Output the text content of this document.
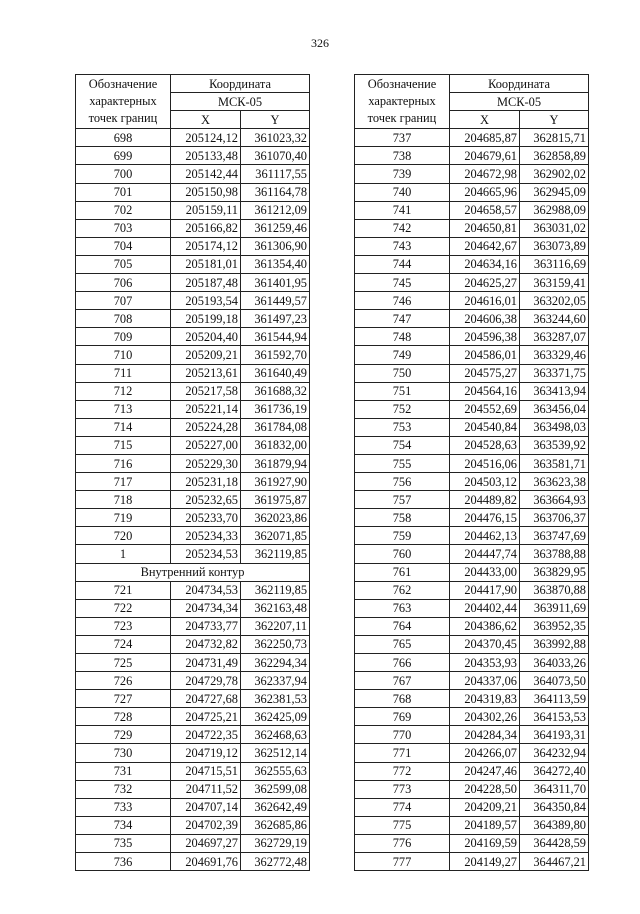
326
Обозначение
характерных
точек границ	Координата	
	МСК-05	
	X	Y
698	205124,12	361023,32
699	205133,48	361070,40
700	205142,44	361117,55
701	205150,98	361164,78
702	205159,11	361212,09
703	205166,82	361259,46
704	205174,12	361306,90
705	205181,01	361354,40
706	205187,48	361401,95
707	205193,54	361449,57
708	205199,18	361497,23
709	205204,40	361544,94
710	205209,21	361592,70
711	205213,61	361640,49
712	205217,58	361688,32
713	205221,14	361736,19
714	205224,28	361784,08
715	205227,00	361832,00
716	205229,30	361879,94
717	205231,18	361927,90
718	205232,65	361975,87
719	205233,70	362023,86
720	205234,33	362071,85
1	205234,53	362119,85
Внутренний контур		
721	204734,53	362119,85
722	204734,34	362163,48
723	204733,77	362207,11
724	204732,82	362250,73
725	204731,49	362294,34
726	204729,78	362337,94
727	204727,68	362381,53
728	204725,21	362425,09
729	204722,35	362468,63
730	204719,12	362512,14
731	204715,51	362555,63
732	204711,52	362599,08
733	204707,14	362642,49
734	204702,39	362685,86
735	204697,27	362729,19
736	204691,76	362772,48
Обозначение
характерных
точек границ	Координата	
	МСК-05	
	X	Y
737	204685,87	362815,71
738	204679,61	362858,89
739	204672,98	362902,02
740	204665,96	362945,09
741	204658,57	362988,09
742	204650,81	363031,02
743	204642,67	363073,89
744	204634,16	363116,69
745	204625,27	363159,41
746	204616,01	363202,05
747	204606,38	363244,60
748	204596,38	363287,07
749	204586,01	363329,46
750	204575,27	363371,75
751	204564,16	363413,94
752	204552,69	363456,04
753	204540,84	363498,03
754	204528,63	363539,92
755	204516,06	363581,71
756	204503,12	363623,38
757	204489,82	363664,93
758	204476,15	363706,37
759	204462,13	363747,69
760	204447,74	363788,88
761	204433,00	363829,95
762	204417,90	363870,88
763	204402,44	363911,69
764	204386,62	363952,35
765	204370,45	363992,88
766	204353,93	364033,26
767	204337,06	364073,50
768	204319,83	364113,59
769	204302,26	364153,53
770	204284,34	364193,31
771	204266,07	364232,94
772	204247,46	364272,40
773	204228,50	364311,70
774	204209,21	364350,84
775	204189,57	364389,80
776	204169,59	364428,59
777	204149,27	364467,21
